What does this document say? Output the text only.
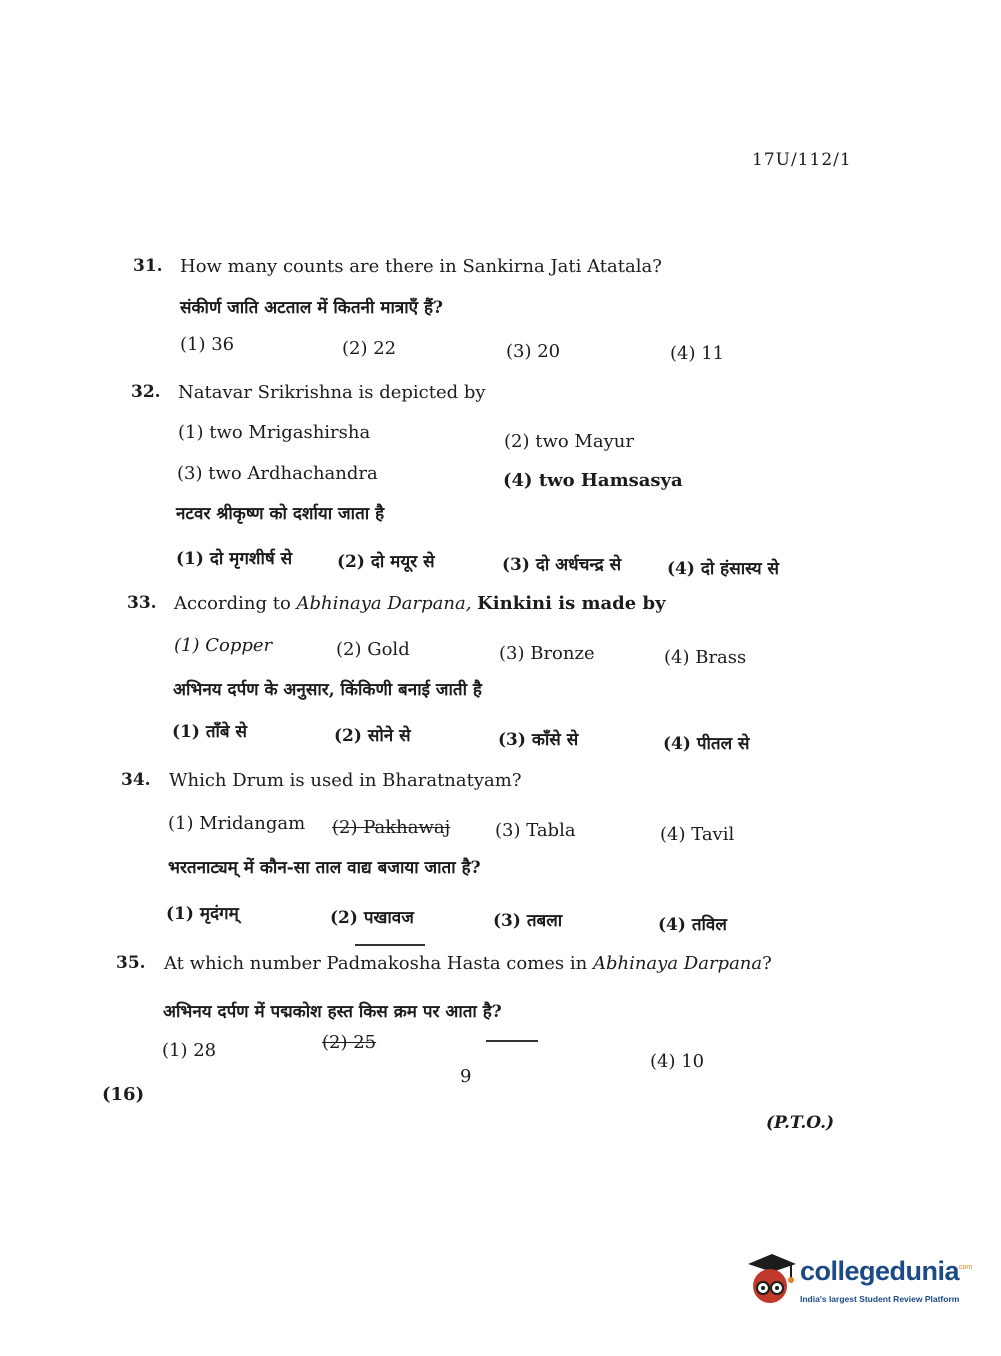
17U/112/1
31. How many counts are there in Sankirna Jati Atatala?
संकीर्ण जाति अटताल में कितनी मात्राएँ हैं?
(1) 36	(2) 22	(3) 20	(4) 11
32. Natavar Srikrishna is depicted by
(1) two Mrigashirsha	(2) two Mayur
(3) two Ardhachandra	(4) two Hamsasya
नटवर श्रीकृष्ण को दर्शाया जाता है
(1) दो मृगशीर्ष से	(2) दो मयूर से	(3) दो अर्धचन्द्र से	(4) दो हंसास्य से
33. According to Abhinaya Darpana, Kinkini is made by
(1) Copper	(2) Gold	(3) Bronze	(4) Brass
अभिनय दर्पण के अनुसार, किंकिणी बनाई जाती है
(1) ताँबे से	(2) सोने से	(3) काँसे से	(4) पीतल से
34. Which Drum is used in Bharatnatyam?
(1) Mridangam (2) Pakhawaj (3) Tabla	(4) Tavil
भरतनाट्यम् में कौन-सा ताल वाद्य बजाया जाता है?
(1) मृदंगम्	(2) पखावज	(3) तबला	(4) तविल
35. At which number Padmakosha Hasta comes in Abhinaya Darpana?
अभिनय दर्पण में पद्मकोश हस्त किस क्रम पर आता है?
(1) 28	(2) 25
(4) 10
9
(16)
(P.T.O.)
collegedunia
.com
India's largest Student Review Platform
